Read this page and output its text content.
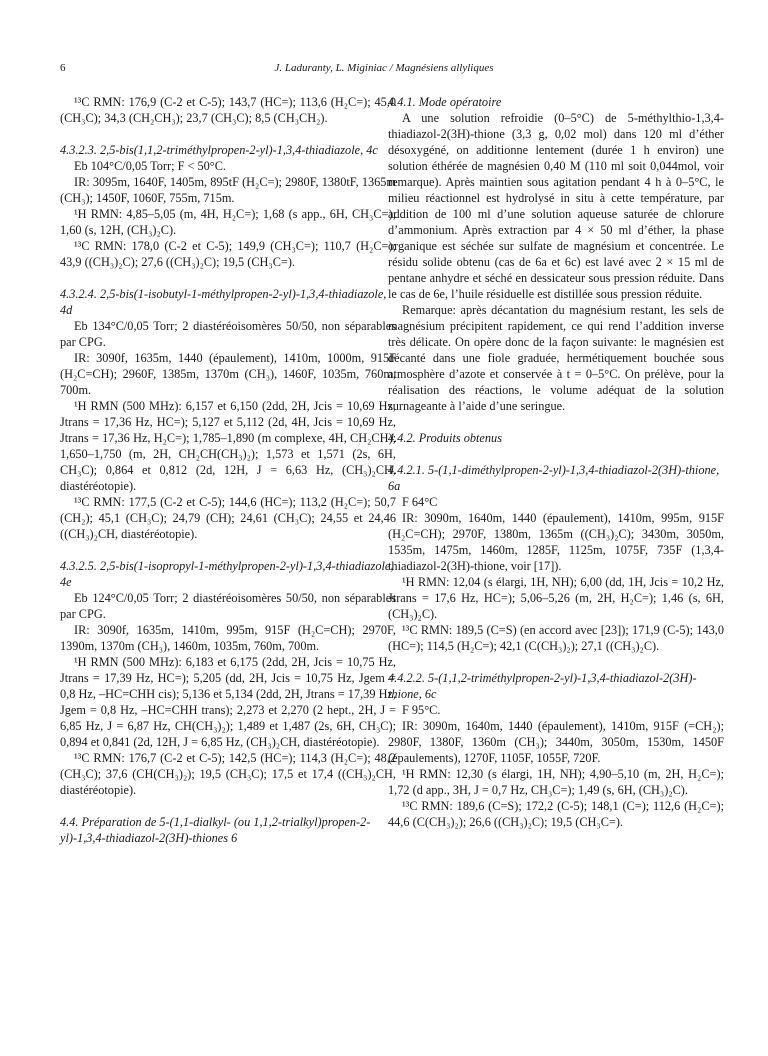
6	J. Laduranty, L. Miginiac / Magnésiens allyliques

¹³C RMN: 176,9 (C-2 et C-5); 143,7 (HC=); 113,6 (H₂C=); 45,0 (CH₃C); 34,3 (CH₂CH₃); 23,7 (CH₃C); 8,5 (CH₃CH₂).

4.3.2.3. 2,5-bis(1,1,2-triméthylpropen-2-yl)-1,3,4-thiadiazole, 4c

Eb 104°C/0,05 Torr; F < 50°C.

IR: 3095m, 1640F, 1405m, 895tF (H₂C=); 2980F, 1380tF, 1365m (CH₃); 1450F, 1060F, 755m, 715m.

¹H RMN: 4,85–5,05 (m, 4H, H₂C=); 1,68 (s app., 6H, CH₃C=); 1,60 (s, 12H, (CH₃)₂C).

¹³C RMN: 178,0 (C-2 et C-5); 149,9 (CH₃C=); 110,7 (H₂C=); 43,9 ((CH₃)₂C); 27,6 ((CH₃)₂C); 19,5 (CH₃C=).

4.3.2.4. 2,5-bis(1-isobutyl-1-méthylpropen-2-yl)-1,3,4-thiadiazole, 4d

Eb 134°C/0,05 Torr; 2 diastéréoisomères 50/50, non séparables par CPG.

IR: 3090f, 1635m, 1440 (épaulement), 1410m, 1000m, 915F (H₂C=CH); 2960F, 1385m, 1370m (CH₃), 1460F, 1035m, 760m, 700m.

¹H RMN (500 MHz): 6,157 et 6,150 (2dd, 2H, Jcis = 10,69 Hz, Jtrans = 17,36 Hz, HC=); 5,127 et 5,112 (2d, 4H, Jcis = 10,69 Hz, Jtrans = 17,36 Hz, H₂C=); 1,785–1,890 (m complexe, 4H, CH₂CH); 1,650–1,750 (m, 2H, CH₂CH(CH₃)₂); 1,573 et 1,571 (2s, 6H, CH₃C); 0,864 et 0,812 (2d, 12H, J = 6,63 Hz, (CH₃)₂CH, diastéréotopie).

¹³C RMN: 177,5 (C-2 et C-5); 144,6 (HC=); 113,2 (H₂C=); 50,7 (CH₂); 45,1 (CH₃C); 24,79 (CH); 24,61 (CH₃C); 24,55 et 24,46 ((CH₃)₂CH, diastéréotopie).

4.3.2.5. 2,5-bis(1-isopropyl-1-méthylpropen-2-yl)-1,3,4-thiadiazole, 4e

Eb 124°C/0,05 Torr; 2 diastéréoisomères 50/50, non séparables par CPG.

IR: 3090f, 1635m, 1410m, 995m, 915F (H₂C=CH); 2970F, 1390m, 1370m (CH₃), 1460m, 1035m, 760m, 700m.

¹H RMN (500 MHz): 6,183 et 6,175 (2dd, 2H, Jcis = 10,75 Hz, Jtrans = 17,39 Hz, HC=); 5,205 (dd, 2H, Jcis = 10,75 Hz, Jgem = 0,8 Hz, –HC=CHH cis); 5,136 et 5,134 (2dd, 2H, Jtrans = 17,39 Hz, Jgem = 0,8 Hz, –HC=CHH trans); 2,273 et 2,270 (2 hept., 2H, J = 6,85 Hz, J = 6,87 Hz, CH(CH₃)₂); 1,489 et 1,487 (2s, 6H, CH₃C); 0,894 et 0,841 (2d, 12H, J = 6,85 Hz, (CH₃)₂CH, diastéréotopie).

¹³C RMN: 176,7 (C-2 et C-5); 142,5 (HC=); 114,3 (H₂C=); 48,2 (CH₃C); 37,6 (CH(CH₃)₂); 19,5 (CH₃C); 17,5 et 17,4 ((CH₃)₂CH, diastéréotopie).

4.4. Préparation de 5-(1,1-dialkyl- (ou 1,1,2-trialkyl)propen-2-yl)-1,3,4-thiadiazol-2(3H)-thiones 6

4.4.1. Mode opératoire

A une solution refroidie (0–5°C) de 5-méthylthio-1,3,4-thiadiazol-2(3H)-thione (3,3 g, 0,02 mol) dans 120 ml d’éther désoxygéné, on additionne lentement (durée 1 h environ) une solution éthérée de magnésien 0,40 M (110 ml soit 0,044mol, voir remarque). Après maintien sous agitation pendant 4 h à 0–5°C, le milieu réactionnel est hydrolysé in situ à cette température, par addition de 100 ml d’une solution aqueuse saturée de chlorure d’ammonium. Après extraction par 4 × 50 ml d’éther, la phase organique est séchée sur sulfate de magnésium et concentrée. Le résidu solide obtenu (cas de 6a et 6c) est lavé avec 2 × 15 ml de pentane anhydre et séché en dessicateur sous pression réduite. Dans le cas de 6e, l’huile résiduelle est distillée sous pression réduite.

Remarque: après décantation du magnésium restant, les sels de magnésium précipitent rapidement, ce qui rend l’addition inverse très délicate. On opère donc de la façon suivante: le magnésien est décanté dans une fiole graduée, hermétiquement bouchée sous atmosphère d’azote et conservée à t = 0–5°C. On prélève, pour la réalisation des réactions, le volume adéquat de la solution surnageante à l’aide d’une seringue.

4.4.2. Produits obtenus

4.4.2.1. 5-(1,1-diméthylpropen-2-yl)-1,3,4-thiadiazol-2(3H)-thione, 6a

F 64°C

IR: 3090m, 1640m, 1440 (épaulement), 1410m, 995m, 915F (H₂C=CH); 2970F, 1380m, 1365m ((CH₃)₂C); 3430m, 3050m, 1535m, 1475m, 1460m, 1285F, 1125m, 1075F, 735F (1,3,4-thiadiazol-2(3H)-thione, voir [17]).

¹H RMN: 12,04 (s élargi, 1H, NH); 6,00 (dd, 1H, Jcis = 10,2 Hz, Jtrans = 17,6 Hz, HC=); 5,06–5,26 (m, 2H, H₂C=); 1,46 (s, 6H, (CH₃)₂C).

¹³C RMN: 189,5 (C=S) (en accord avec [23]); 171,9 (C-5); 143,0 (HC=); 114,5 (H₂C=); 42,1 (C(CH₃)₂); 27,1 ((CH₃)₂C).

4.4.2.2. 5-(1,1,2-triméthylpropen-2-yl)-1,3,4-thiadiazol-2(3H)-thione, 6c

F 95°C.

IR: 3090m, 1640m, 1440 (épaulement), 1410m, 915F (=CH₂); 2980F, 1380F, 1360m (CH₃); 3440m, 3050m, 1530m, 1450F (épaulements), 1270F, 1105F, 1055F, 720F.

¹H RMN: 12,30 (s élargi, 1H, NH); 4,90–5,10 (m, 2H, H₂C=); 1,72 (d app., 3H, J = 0,7 Hz, CH₃C=); 1,49 (s, 6H, (CH₃)₂C).

¹³C RMN: 189,6 (C=S); 172,2 (C-5); 148,1 (C=); 112,6 (H₂C=); 44,6 (C(CH₃)₂); 26,6 ((CH₃)₂C); 19,5 (CH₃C=).
